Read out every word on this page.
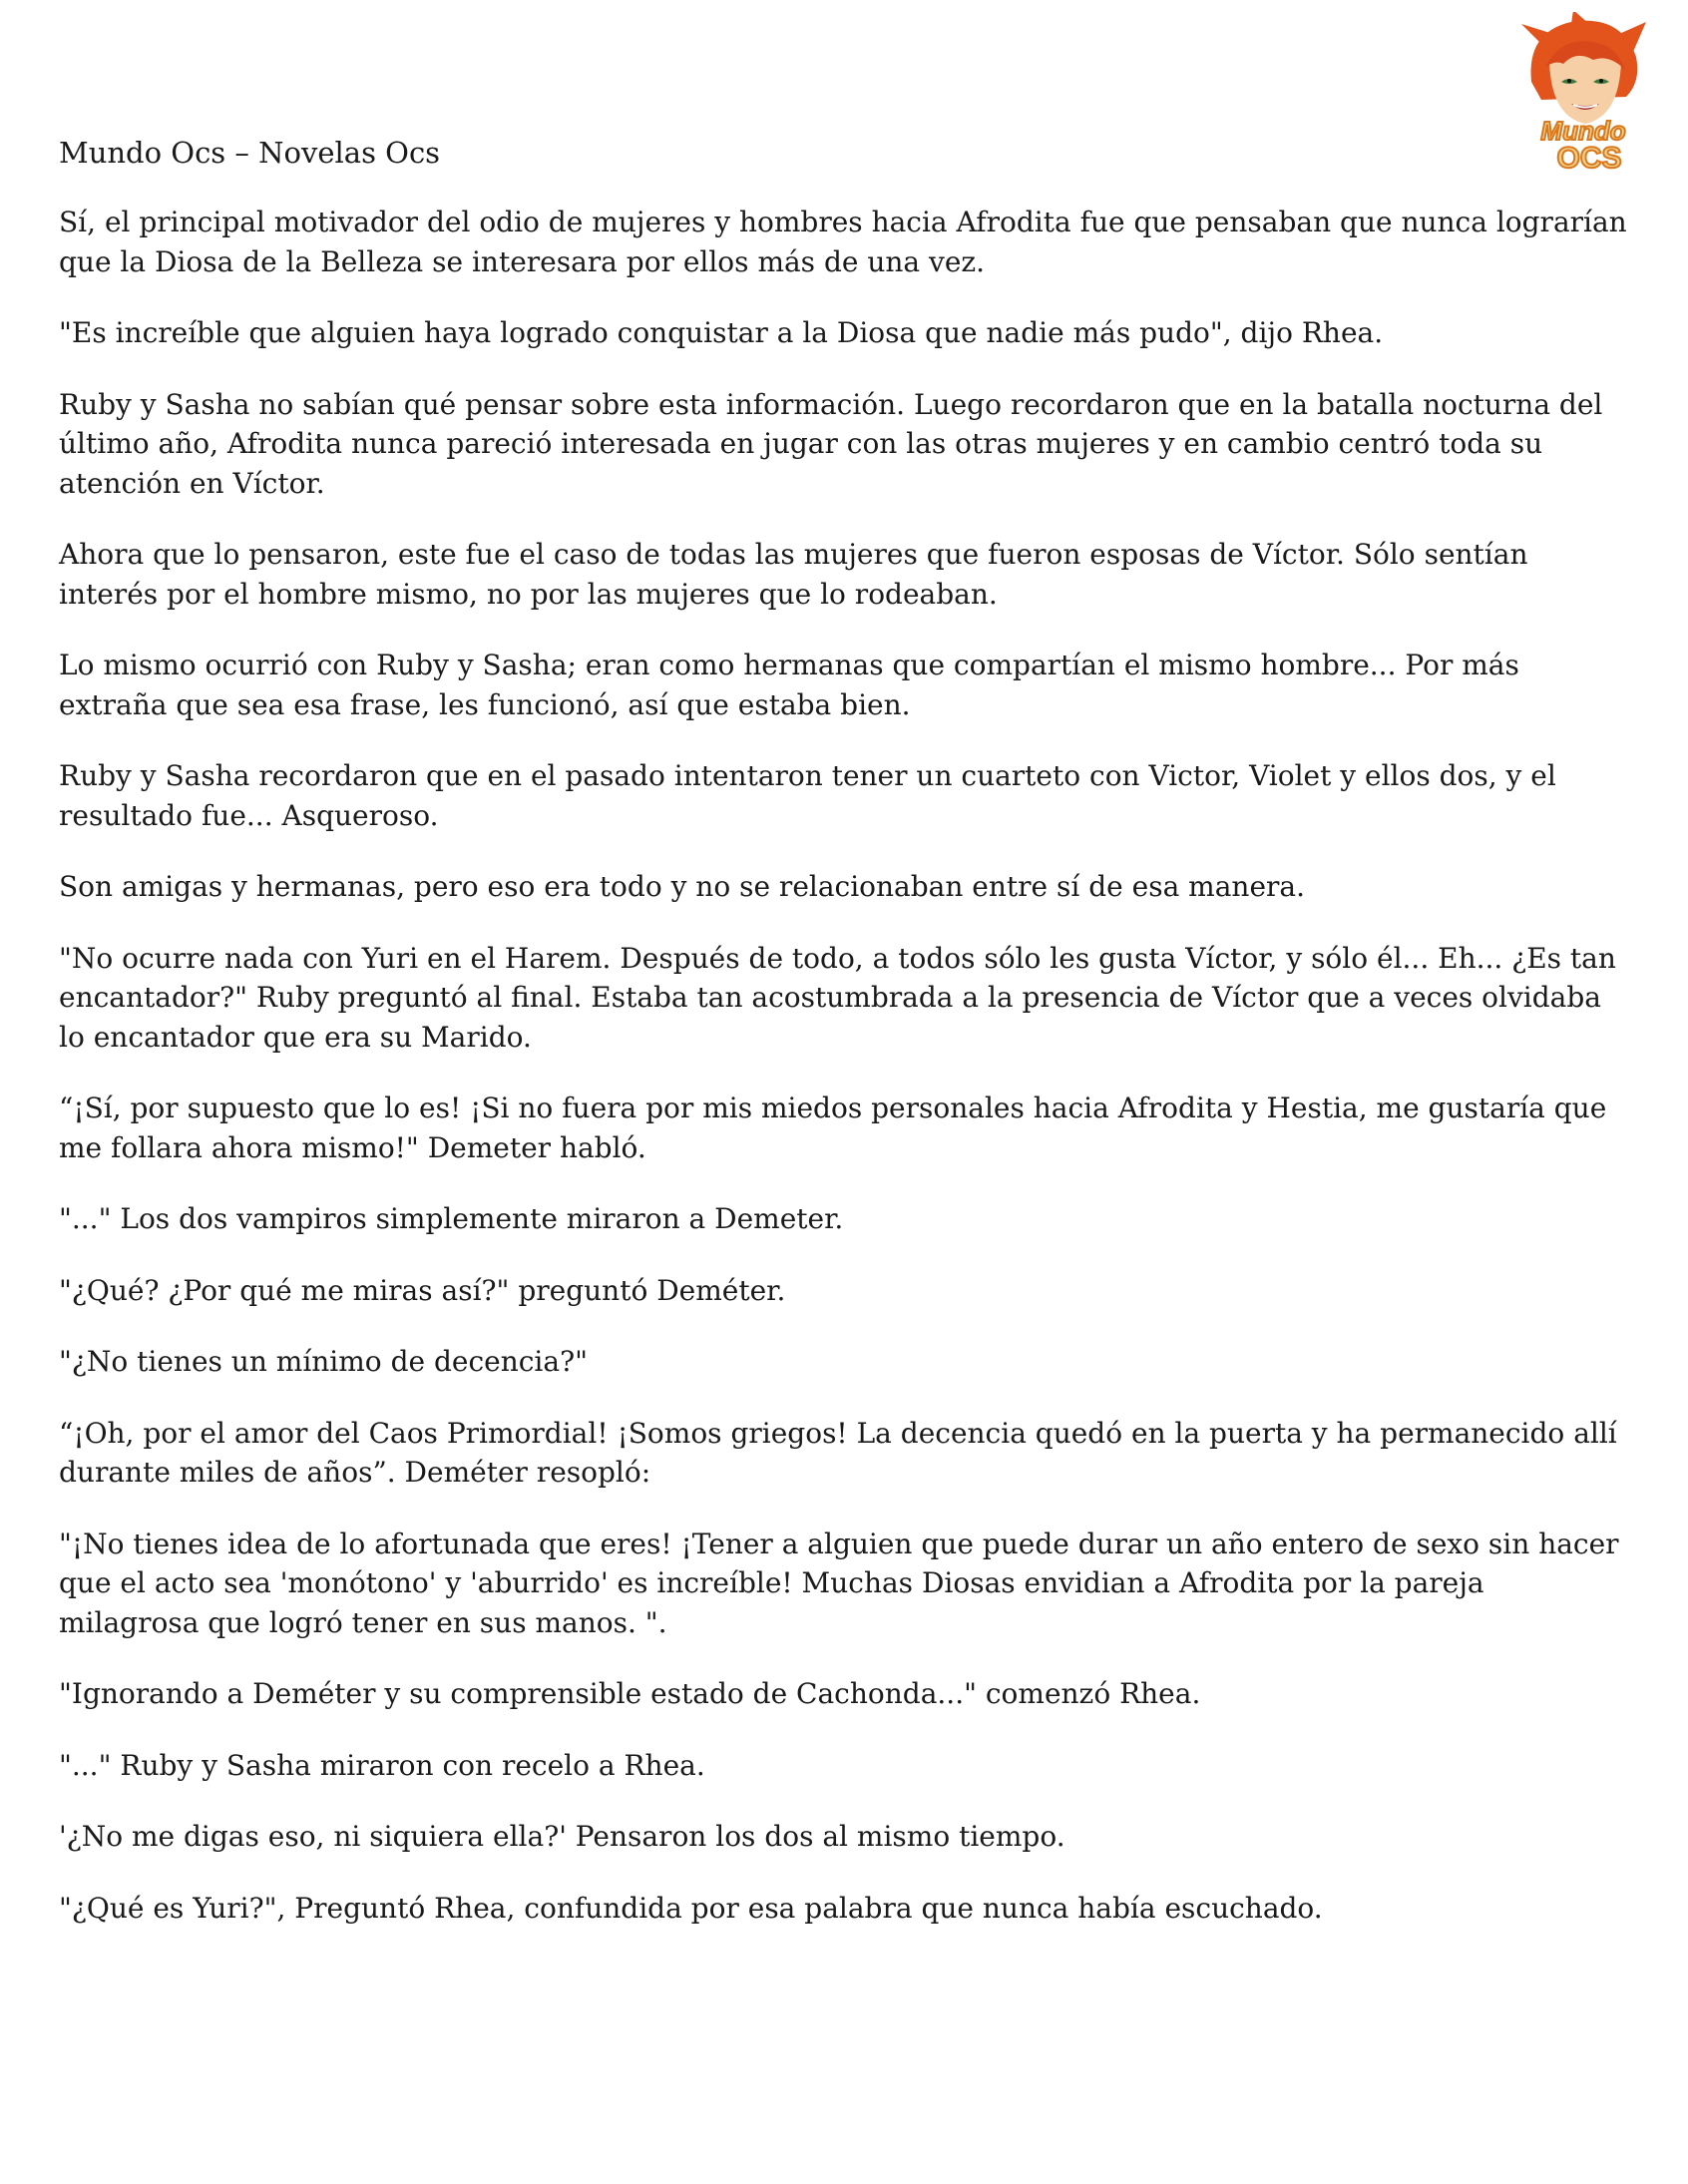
Mundo
OCS

Mundo Ocs – Novelas Ocs

Sí, el principal motivador del odio de mujeres y hombres hacia Afrodita fue que pensaban que nunca lograrían que la Diosa de la Belleza se interesara por ellos más de una vez.

"Es increíble que alguien haya logrado conquistar a la Diosa que nadie más pudo", dijo Rhea.

Ruby y Sasha no sabían qué pensar sobre esta información. Luego recordaron que en la batalla nocturna del último año, Afrodita nunca pareció interesada en jugar con las otras mujeres y en cambio centró toda su atención en Víctor.

Ahora que lo pensaron, este fue el caso de todas las mujeres que fueron esposas de Víctor. Sólo sentían interés por el hombre mismo, no por las mujeres que lo rodeaban.

Lo mismo ocurrió con Ruby y Sasha; eran como hermanas que compartían el mismo hombre... Por más extraña que sea esa frase, les funcionó, así que estaba bien.

Ruby y Sasha recordaron que en el pasado intentaron tener un cuarteto con Victor, Violet y ellos dos, y el resultado fue... Asqueroso.

Son amigas y hermanas, pero eso era todo y no se relacionaban entre sí de esa manera.

"No ocurre nada con Yuri en el Harem. Después de todo, a todos sólo les gusta Víctor, y sólo él... Eh... ¿Es tan encantador?" Ruby preguntó al final. Estaba tan acostumbrada a la presencia de Víctor que a veces olvidaba lo encantador que era su Marido.

“¡Sí, por supuesto que lo es! ¡Si no fuera por mis miedos personales hacia Afrodita y Hestia, me gustaría que me follara ahora mismo!" Demeter habló.

"..." Los dos vampiros simplemente miraron a Demeter.

"¿Qué? ¿Por qué me miras así?" preguntó Deméter.

"¿No tienes un mínimo de decencia?"

“¡Oh, por el amor del Caos Primordial! ¡Somos griegos! La decencia quedó en la puerta y ha permanecido allí durante miles de años”. Deméter resopló:

"¡No tienes idea de lo afortunada que eres! ¡Tener a alguien que puede durar un año entero de sexo sin hacer que el acto sea 'monótono' y 'aburrido' es increíble! Muchas Diosas envidian a Afrodita por la pareja milagrosa que logró tener en sus manos. ".

"Ignorando a Deméter y su comprensible estado de Cachonda..." comenzó Rhea.

"..." Ruby y Sasha miraron con recelo a Rhea.

'¿No me digas eso, ni siquiera ella?' Pensaron los dos al mismo tiempo.

"¿Qué es Yuri?", Preguntó Rhea, confundida por esa palabra que nunca había escuchado.
